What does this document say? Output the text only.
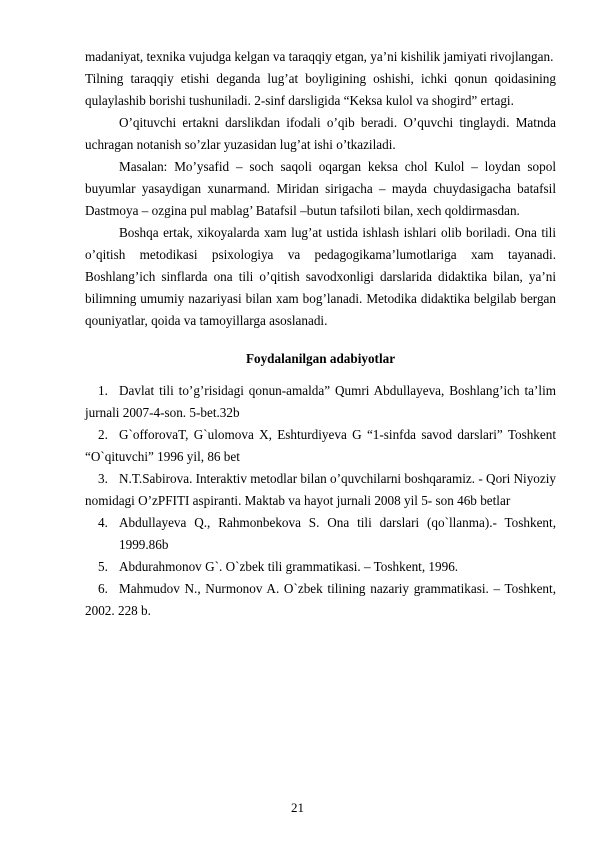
madaniyat, texnika vujudga kelgan va taraqqiy etgan, ya’ni kishilik jamiyati rivojlangan.

Tilning taraqqiy etishi deganda lug’at boyligining oshishi, ichki qonun qoidasining qulaylashib borishi tushuniladi. 2-sinf darsligida “Keksa kulol va shogird” ertagi.

O’qituvchi ertakni darslikdan ifodali o’qib beradi. O’quvchi tinglaydi. Matnda uchragan notanish so’zlar yuzasidan lug’at ishi o’tkaziladi.

Masalan: Mo’ysafid – soch saqoli oqargan keksa chol Kulol – loydan sopol buyumlar yasaydigan xunarmand. Miridan sirigacha – mayda chuydasigacha batafsil Dastmoya – ozgina pul mablag’ Batafsil –butun tafsiloti bilan, xech qoldirmasdan.

Boshqa ertak, xikoyalarda xam lug’at ustida ishlash ishlari olib boriladi. Ona tili o’qitish metodikasi psixologiya va pedagogikama’lumotlariga xam tayanadi. Boshlang’ich sinflarda ona tili o’qitish savodxonligi darslarida didaktika bilan, ya’ni bilimning umumiy nazariyasi bilan xam bog’lanadi. Metodika didaktika belgilab bergan qouniyatlar, qoida va tamoyillarga asoslanadi.

Foydalanilgan adabiyotlar

1. Davlat tili to’g’risidagi qonun-amalda” Qumri Abdullayeva, Boshlang’ich ta’lim jurnali 2007-4-son. 5-bet.32b

2. G`offorovaT, G`ulomova X, Eshturdiyeva G “1-sinfda savod darslari” Toshkent “O`qituvchi” 1996 yil, 86 bet

3. N.T.Sabirova. Interaktiv metodlar bilan o’quvchilarni boshqaramiz. - Qori Niyoziy nomidagi O’zPFITI aspiranti. Maktab va hayot jurnali 2008 yil 5- son 46b betlar

4. Abdullayeva Q., Rahmonbekova S. Ona tili darslari (qo`llanma).- Toshkent, 1999.86b

5. Abdurahmonov G`. O`zbek tili grammatikasi. – Toshkent, 1996.

6. Mahmudov N., Nurmonov A. O`zbek tilining nazariy grammatikasi. – Toshkent, 2002. 228 b.

21
